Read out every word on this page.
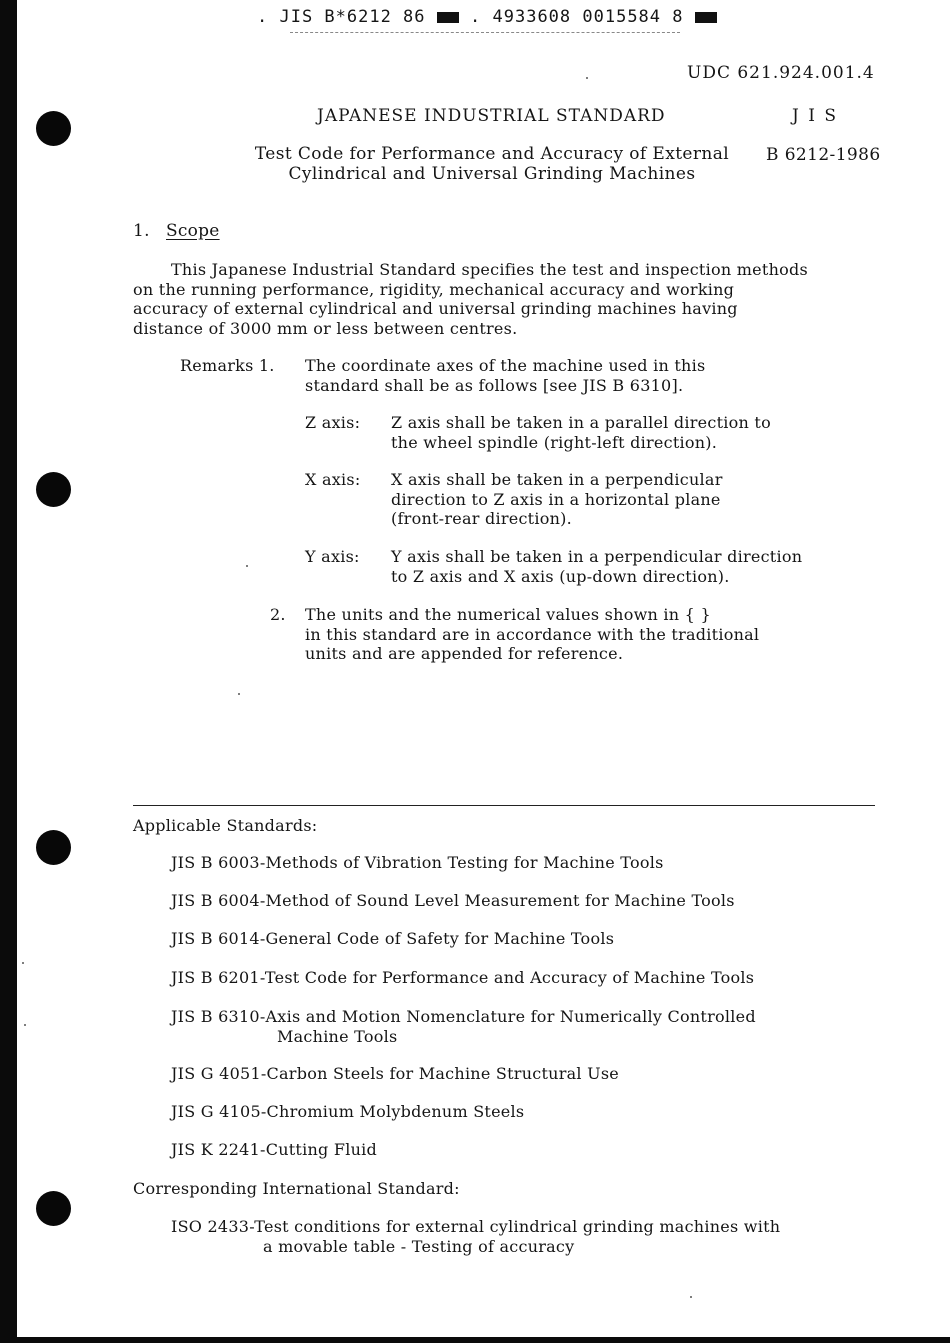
. JIS B*6212 86	. 4933608 0015584 8
UDC 621.924.001.4
JAPANESE INDUSTRIAL STANDARD	J I S
Test Code for Performance and Accuracy of External
Cylindrical and Universal Grinding Machines
B 6212-1986
1. Scope
This Japanese Industrial Standard specifies the test and inspection methods
on the running performance, rigidity, mechanical accuracy and working
accuracy of external cylindrical and universal grinding machines having
distance of 3000 mm or less between centres.
Remarks 1. The coordinate axes of the machine used in this
standard shall be as follows [see JIS B 6310].
Z axis: Z axis shall be taken in a parallel direction to
the wheel spindle (right-left direction).
X axis: X axis shall be taken in a perpendicular
direction to Z axis in a horizontal plane
(front-rear direction).
Y axis: Y axis shall be taken in a perpendicular direction
to Z axis and X axis (up-down direction).
2. The units and the numerical values shown in { }
in this standard are in accordance with the traditional
units and are appended for reference.
Applicable Standards:
JIS B 6003-Methods of Vibration Testing for Machine Tools
JIS B 6004-Method of Sound Level Measurement for Machine Tools
JIS B 6014-General Code of Safety for Machine Tools
JIS B 6201-Test Code for Performance and Accuracy of Machine Tools
JIS B 6310-Axis and Motion Nomenclature for Numerically Controlled
Machine Tools
JIS G 4051-Carbon Steels for Machine Structural Use
JIS G 4105-Chromium Molybdenum Steels
JIS K 2241-Cutting Fluid
Corresponding International Standard:
ISO 2433-Test conditions for external cylindrical grinding machines with
a movable table - Testing of accuracy
